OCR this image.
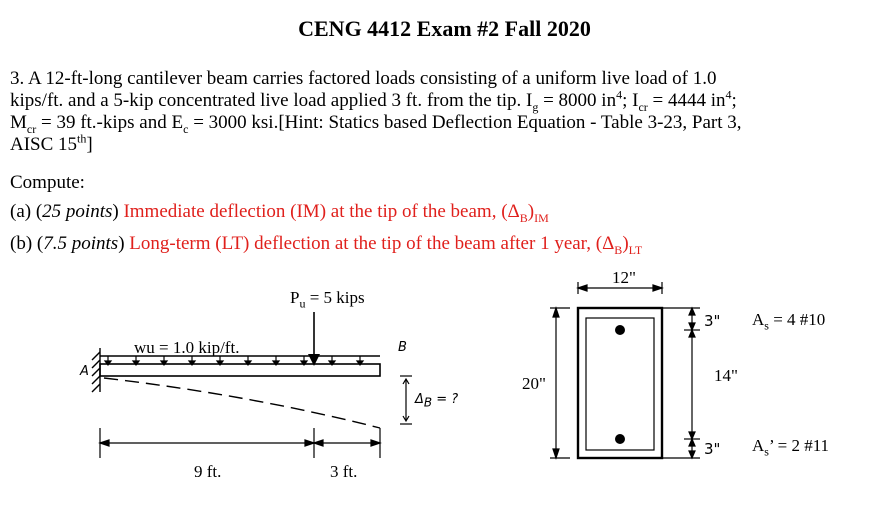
CENG 4412 Exam #2 Fall 2020
3. A 12-ft-long cantilever beam carries factored loads consisting of a uniform live load of 1.0
kips/ft. and a 5-kip concentrated live load applied 3 ft. from the tip. $I_g = 8000$ $in^4$; $I_{cr} = 4444$ $in^4$;
$M_{cr} = 39$ ft.-kips and $E_c = 3000$ ksi.[Hint: Statics based Deflection Equation - Table 3-23, Part 3,
AISC 15th]
Compute:
(a) (25 points) Immediate deflection (IM) at the tip of the beam, $(\Delta_B)_{IM}$
(b) (7.5 points) Long-term (LT) deflection at the tip of the beam after 1 year, $(\Delta_B)_{LT}$
$P_u = 5$ kips
wu = 1.0 kip/ft.
A
B
$\Delta_B$ = ?
9 ft.	3 ft.
12"
20"
3"
14"
3"
$A_s = 4$ #10
$A_s$’ = 2 #11
